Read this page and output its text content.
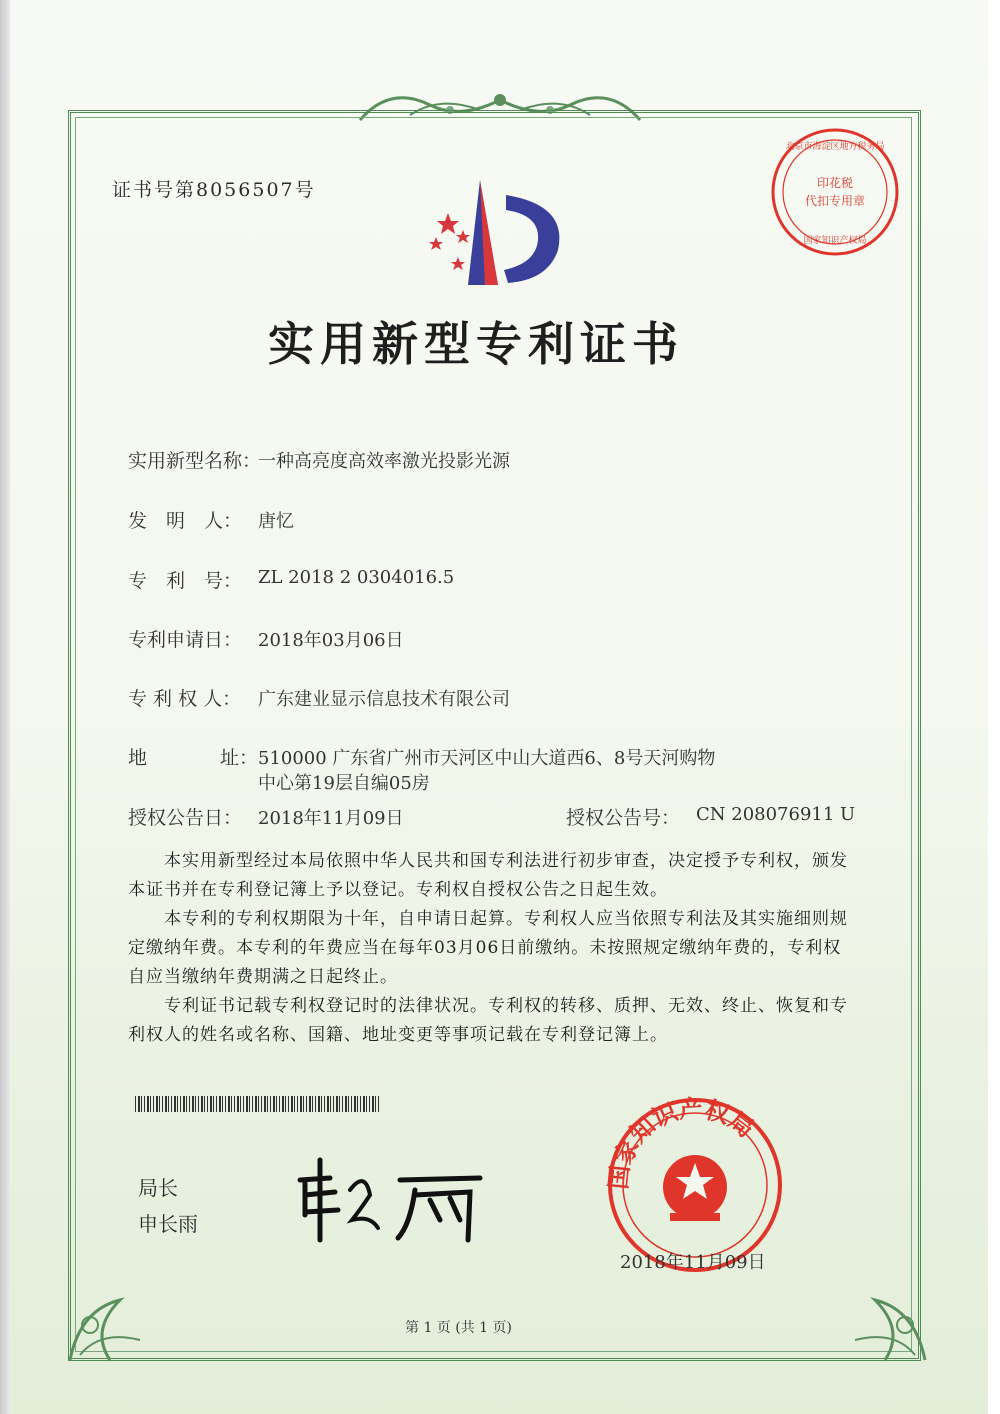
证书号第8056507号	印花税
代扣专用章
北京市海淀区地方税务局
国家知识产权局
实用新型专利证书
实用新型名称：
一种高亮度高效率激光投影光源
发　明　人： 唐忆
专　利　号： ZL 2018 2 0304016.5
专利申请日： 2018年03月06日
专 利 权 人： 广东建业显示信息技术有限公司
地	址： 510000 广东省广州市天河区中山大道西6、8号天河购物
中心第19层自编05房
授权公告日： 2018年11月09日	授权公告号： CN 208076911 U
　　本实用新型经过本局依照中华人民共和国专利法进行初步审查，决定授予专利权，颁发
本证书并在专利登记簿上予以登记。专利权自授权公告之日起生效。
　　本专利的专利权期限为十年，自申请日起算。专利权人应当依照专利法及其实施细则规
定缴纳年费。本专利的年费应当在每年03月06日前缴纳。未按照规定缴纳年费的，专利权
自应当缴纳年费期满之日起终止。
　　专利证书记载专利权登记时的法律状况。专利权的转移、质押、无效、终止、恢复和专
利权人的姓名或名称、国籍、地址变更等事项记载在专利登记簿上。
局长
申长雨
国家知识产权局
2018年11月09日
第 1 页 (共 1 页)
